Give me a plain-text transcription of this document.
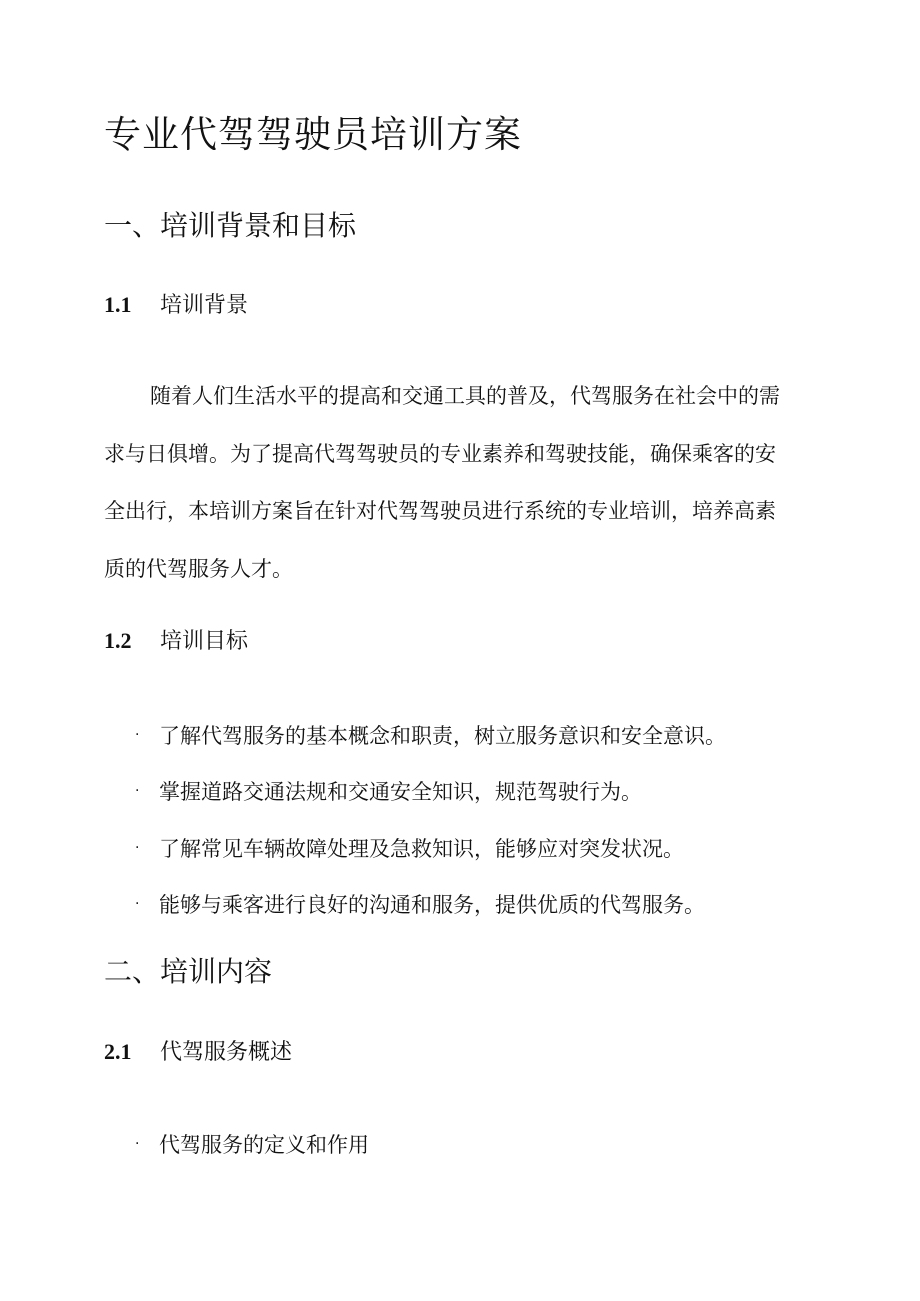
专业代驾驾驶员培训方案
一、培训背景和目标
1.1	培训背景

随着人们生活水平的提高和交通工具的普及，代驾服务在社会中的需

求与日俱增。为了提高代驾驾驶员的专业素养和驾驶技能，确保乘客的安

全出行，本培训方案旨在针对代驾驾驶员进行系统的专业培训，培养高素

质的代驾服务人才。

1.2	培训目标
· 了解代驾服务的基本概念和职责，树立服务意识和安全意识。
· 掌握道路交通法规和交通安全知识，规范驾驶行为。
· 了解常见车辆故障处理及急救知识，能够应对突发状况。
· 能够与乘客进行良好的沟通和服务，提供优质的代驾服务。
二、培训内容
2.1	代驾服务概述
· 代驾服务的定义和作用
